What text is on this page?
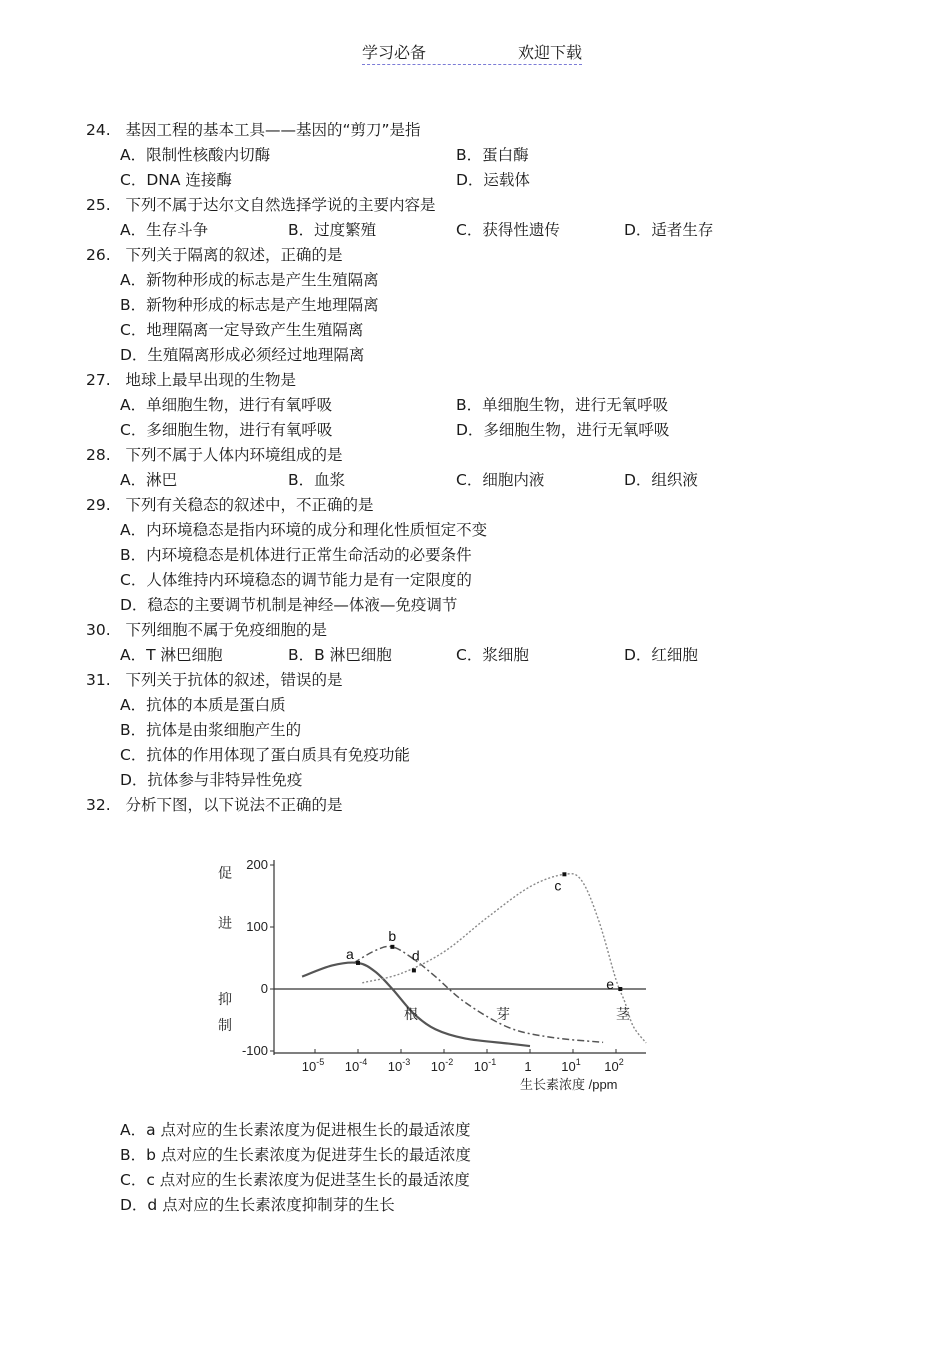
学习必备	欢迎下载
24. 基因工程的基本工具——基因的“剪刀”是指
A．限制性核酸内切酶	B．蛋白酶
C．DNA 连接酶	D．运载体
25. 下列不属于达尔文自然选择学说的主要内容是
A．生存斗争	B．过度繁殖	C．获得性遗传	D．适者生存
26. 下列关于隔离的叙述，正确的是
A．新物种形成的标志是产生生殖隔离
B．新物种形成的标志是产生地理隔离
C．地理隔离一定导致产生生殖隔离
D．生殖隔离形成必须经过地理隔离
27. 地球上最早出现的生物是
A．单细胞生物，进行有氧呼吸	B．单细胞生物，进行无氧呼吸
C．多细胞生物，进行有氧呼吸	D．多细胞生物，进行无氧呼吸
28. 下列不属于人体内环境组成的是
A．淋巴	B．血浆	C．细胞内液	D．组织液
29. 下列有关稳态的叙述中，不正确的是
A．内环境稳态是指内环境的成分和理化性质恒定不变
B．内环境稳态是机体进行正常生命活动的必要条件
C．人体维持内环境稳态的调节能力是有一定限度的
D．稳态的主要调节机制是神经—体液—免疫调节
30. 下列细胞不属于免疫细胞的是
A．T 淋巴细胞	B．B 淋巴细胞	C．浆细胞	D．红细胞
31. 下列关于抗体的叙述，错误的是
A．抗体的本质是蛋白质
B．抗体是由浆细胞产生的
C．抗体的作用体现了蛋白质具有免疫功能
D．抗体参与非特异性免疫
32. 分析下图，以下说法不正确的是
200
100
0
-100
促
进
抑
制
$10^{-5}$ $10^{-4}$ $10^{-3}$ $10^{-2}$ $10^{-1}$ 1 $10^1$ $10^2$
生长素浓度 /ppm
a
b
d
c
e
根	芽	茎
A．a 点对应的生长素浓度为促进根生长的最适浓度
B．b 点对应的生长素浓度为促进芽生长的最适浓度
C．c 点对应的生长素浓度为促进茎生长的最适浓度
D．d 点对应的生长素浓度抑制芽的生长
